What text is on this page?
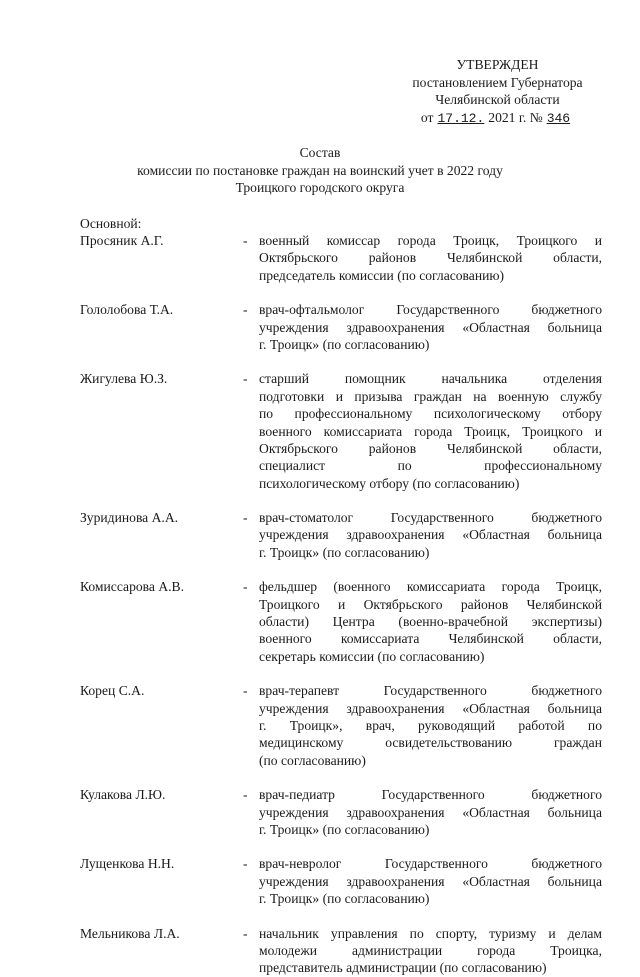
УТВЕРЖДЕН
постановлением Губернатора
Челябинской области
от 17.12. 2021 г. № 346
Состав
комиссии по постановке граждан на воинский учет в 2022 году
Троицкого городского округа
Основной:
Просяник А.Г.	- военный комиссар города Троицк, Троицкого и
Октябрьского районов Челябинской области,
председатель комиссии (по согласованию)
Гололобова Т.А.	- врач-офтальмолог Государственного бюджетного
учреждения здравоохранения «Областная больница
г. Троицк» (по согласованию)
Жигулева Ю.З.	- старший помощник начальника отделения
подготовки и призыва граждан на военную службу
по профессиональному психологическому отбору
военного комиссариата города Троицк, Троицкого и
Октябрьского районов Челябинской области,
специалист по профессиональному
психологическому отбору (по согласованию)
Зуридинова А.А.	- врач-стоматолог Государственного бюджетного
учреждения здравоохранения «Областная больница
г. Троицк» (по согласованию)
Комиссарова А.В.	- фельдшер (военного комиссариата города Троицк,
Троицкого и Октябрьского районов Челябинской
области) Центра (военно-врачебной экспертизы)
военного комиссариата Челябинской области,
секретарь комиссии (по согласованию)
Корец С.А.	- врач-терапевт Государственного бюджетного
учреждения здравоохранения «Областная больница
г. Троицк», врач, руководящий работой по
медицинскому освидетельствованию граждан
(по согласованию)
Кулакова Л.Ю.	- врач-педиатр Государственного бюджетного
учреждения здравоохранения «Областная больница
г. Троицк» (по согласованию)
Лущенкова Н.Н.	- врач-невролог Государственного бюджетного
учреждения здравоохранения «Областная больница
г. Троицк» (по согласованию)
Мельникова Л.А.	- начальник управления по спорту, туризму и делам
молодежи администрации города Троицка,
представитель администрации (по согласованию)
